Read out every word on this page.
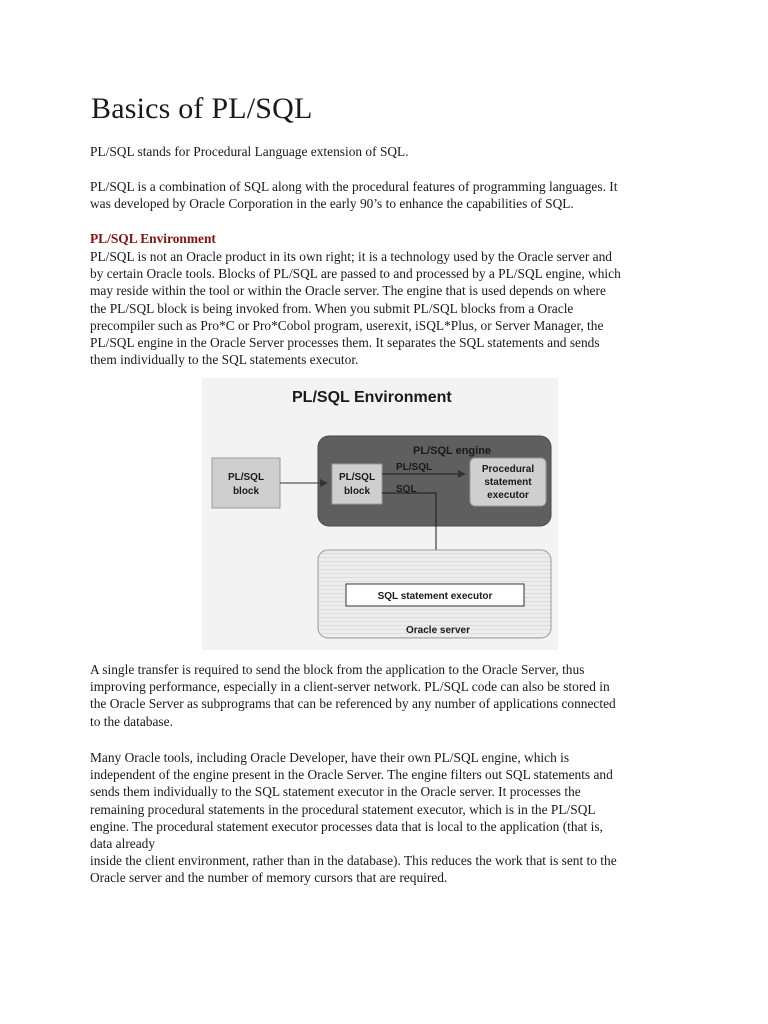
Basics of PL/SQL

PL/SQL stands for Procedural Language extension of SQL.

PL/SQL is a combination of SQL along with the procedural features of programming languages. It
was developed by Oracle Corporation in the early 90’s to enhance the capabilities of SQL.

PL/SQL Environment

PL/SQL is not an Oracle product in its own right; it is a technology used by the Oracle server and
by certain Oracle tools. Blocks of PL/SQL are passed to and processed by a PL/SQL engine, which
may reside within the tool or within the Oracle server. The engine that is used depends on where
the PL/SQL block is being invoked from. When you submit PL/SQL blocks from a Oracle
precompiler such as Pro*C or Pro*Cobol program, userexit, iSQL*Plus, or Server Manager, the
PL/SQL engine in the Oracle Server processes them. It separates the SQL statements and sends
them individually to the SQL statements executor.

PL/SQL Environment
PL/SQL engine
PL/SQL
block
PL/SQL
block
PL/SQL
SQL
Procedural
statement
executor
SQL statement executor
Oracle server

A single transfer is required to send the block from the application to the Oracle Server, thus
improving performance, especially in a client-server network. PL/SQL code can also be stored in
the Oracle Server as subprograms that can be referenced by any number of applications connected
to the database.

Many Oracle tools, including Oracle Developer, have their own PL/SQL engine, which is
independent of the engine present in the Oracle Server. The engine filters out SQL statements and
sends them individually to the SQL statement executor in the Oracle server. It processes the
remaining procedural statements in the procedural statement executor, which is in the PL/SQL
engine. The procedural statement executor processes data that is local to the application (that is,
data already
inside the client environment, rather than in the database). This reduces the work that is sent to the
Oracle server and the number of memory cursors that are required.
